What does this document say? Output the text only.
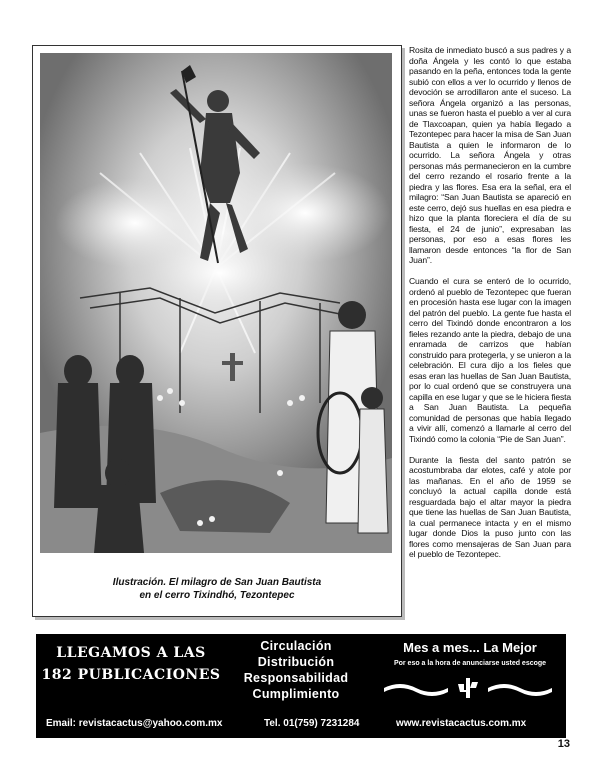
Ilustración. El milagro de San Juan Bautista
en el cerro Tixindhó, Tezontepec

Rosita de inmediato buscó a sus padres y a doña Ángela y les contó lo que estaba pasando en la peña, entonces toda la gente subió con ellos a ver lo ocurrido y llenos de devoción se arrodillaron ante el suceso. La señora Ángela organizó a las personas, unas se fueron hasta el pueblo a ver al cura de Tlaxcoapan, quien ya había llegado a Tezontepec para hacer la misa de San Juan Bautista a quien le informaron de lo ocurrido. La señora Ángela y otras personas más permanecieron en la cumbre del cerro rezando el rosario frente a la piedra y las flores. Esa era la señal, era el milagro: “San Juan Bautista se apareció en este cerro, dejó sus huellas en esa piedra e hizo que la planta floreciera el día de su fiesta, el 24 de junio”, expresaban las personas, por eso a esas flores les llamaron desde entonces “la flor de San Juan”.

Cuando el cura se enteró de lo ocurrido, ordenó al pueblo de Tezontepec que fueran en procesión hasta ese lugar con la imagen del patrón del pueblo. La gente fue hasta el cerro del Tixindó donde encontraron a los fieles rezando ante la piedra, debajo de una enramada de carrizos que habían construido para protegerla, y se unieron a la celebración. El cura dijo a los fieles que esas eran las huellas de San Juan Bautista, por lo cual ordenó que se construyera una capilla en ese lugar y que se le hiciera fiesta a San Juan Bautista. La pequeña comunidad de personas que había llegado a vivir allí, comenzó a llamarle al cerro del Tixindó como la colonia “Pie de San Juan”.

Durante la fiesta del santo patrón se acostumbraba dar elotes, café y atole por las mañanas. En el año de 1959 se concluyó la actual capilla donde está resguardada bajo el altar mayor la piedra que tiene las huellas de San Juan Bautista, la cual permanece intacta y en el mismo lugar donde Dios la puso junto con las flores como mensajeras de San Juan para el pueblo de Tezontepec.

LLEGAMOS A LAS
182 PUBLICACIONES
Circulación
Distribución
Responsabilidad
Cumplimiento
Mes a mes... La Mejor
Por eso a la hora de anunciarse usted escoge
Email: revistacactus@yahoo.com.mx	Tel. 01(759) 7231284	www.revistacactus.com.mx
13
